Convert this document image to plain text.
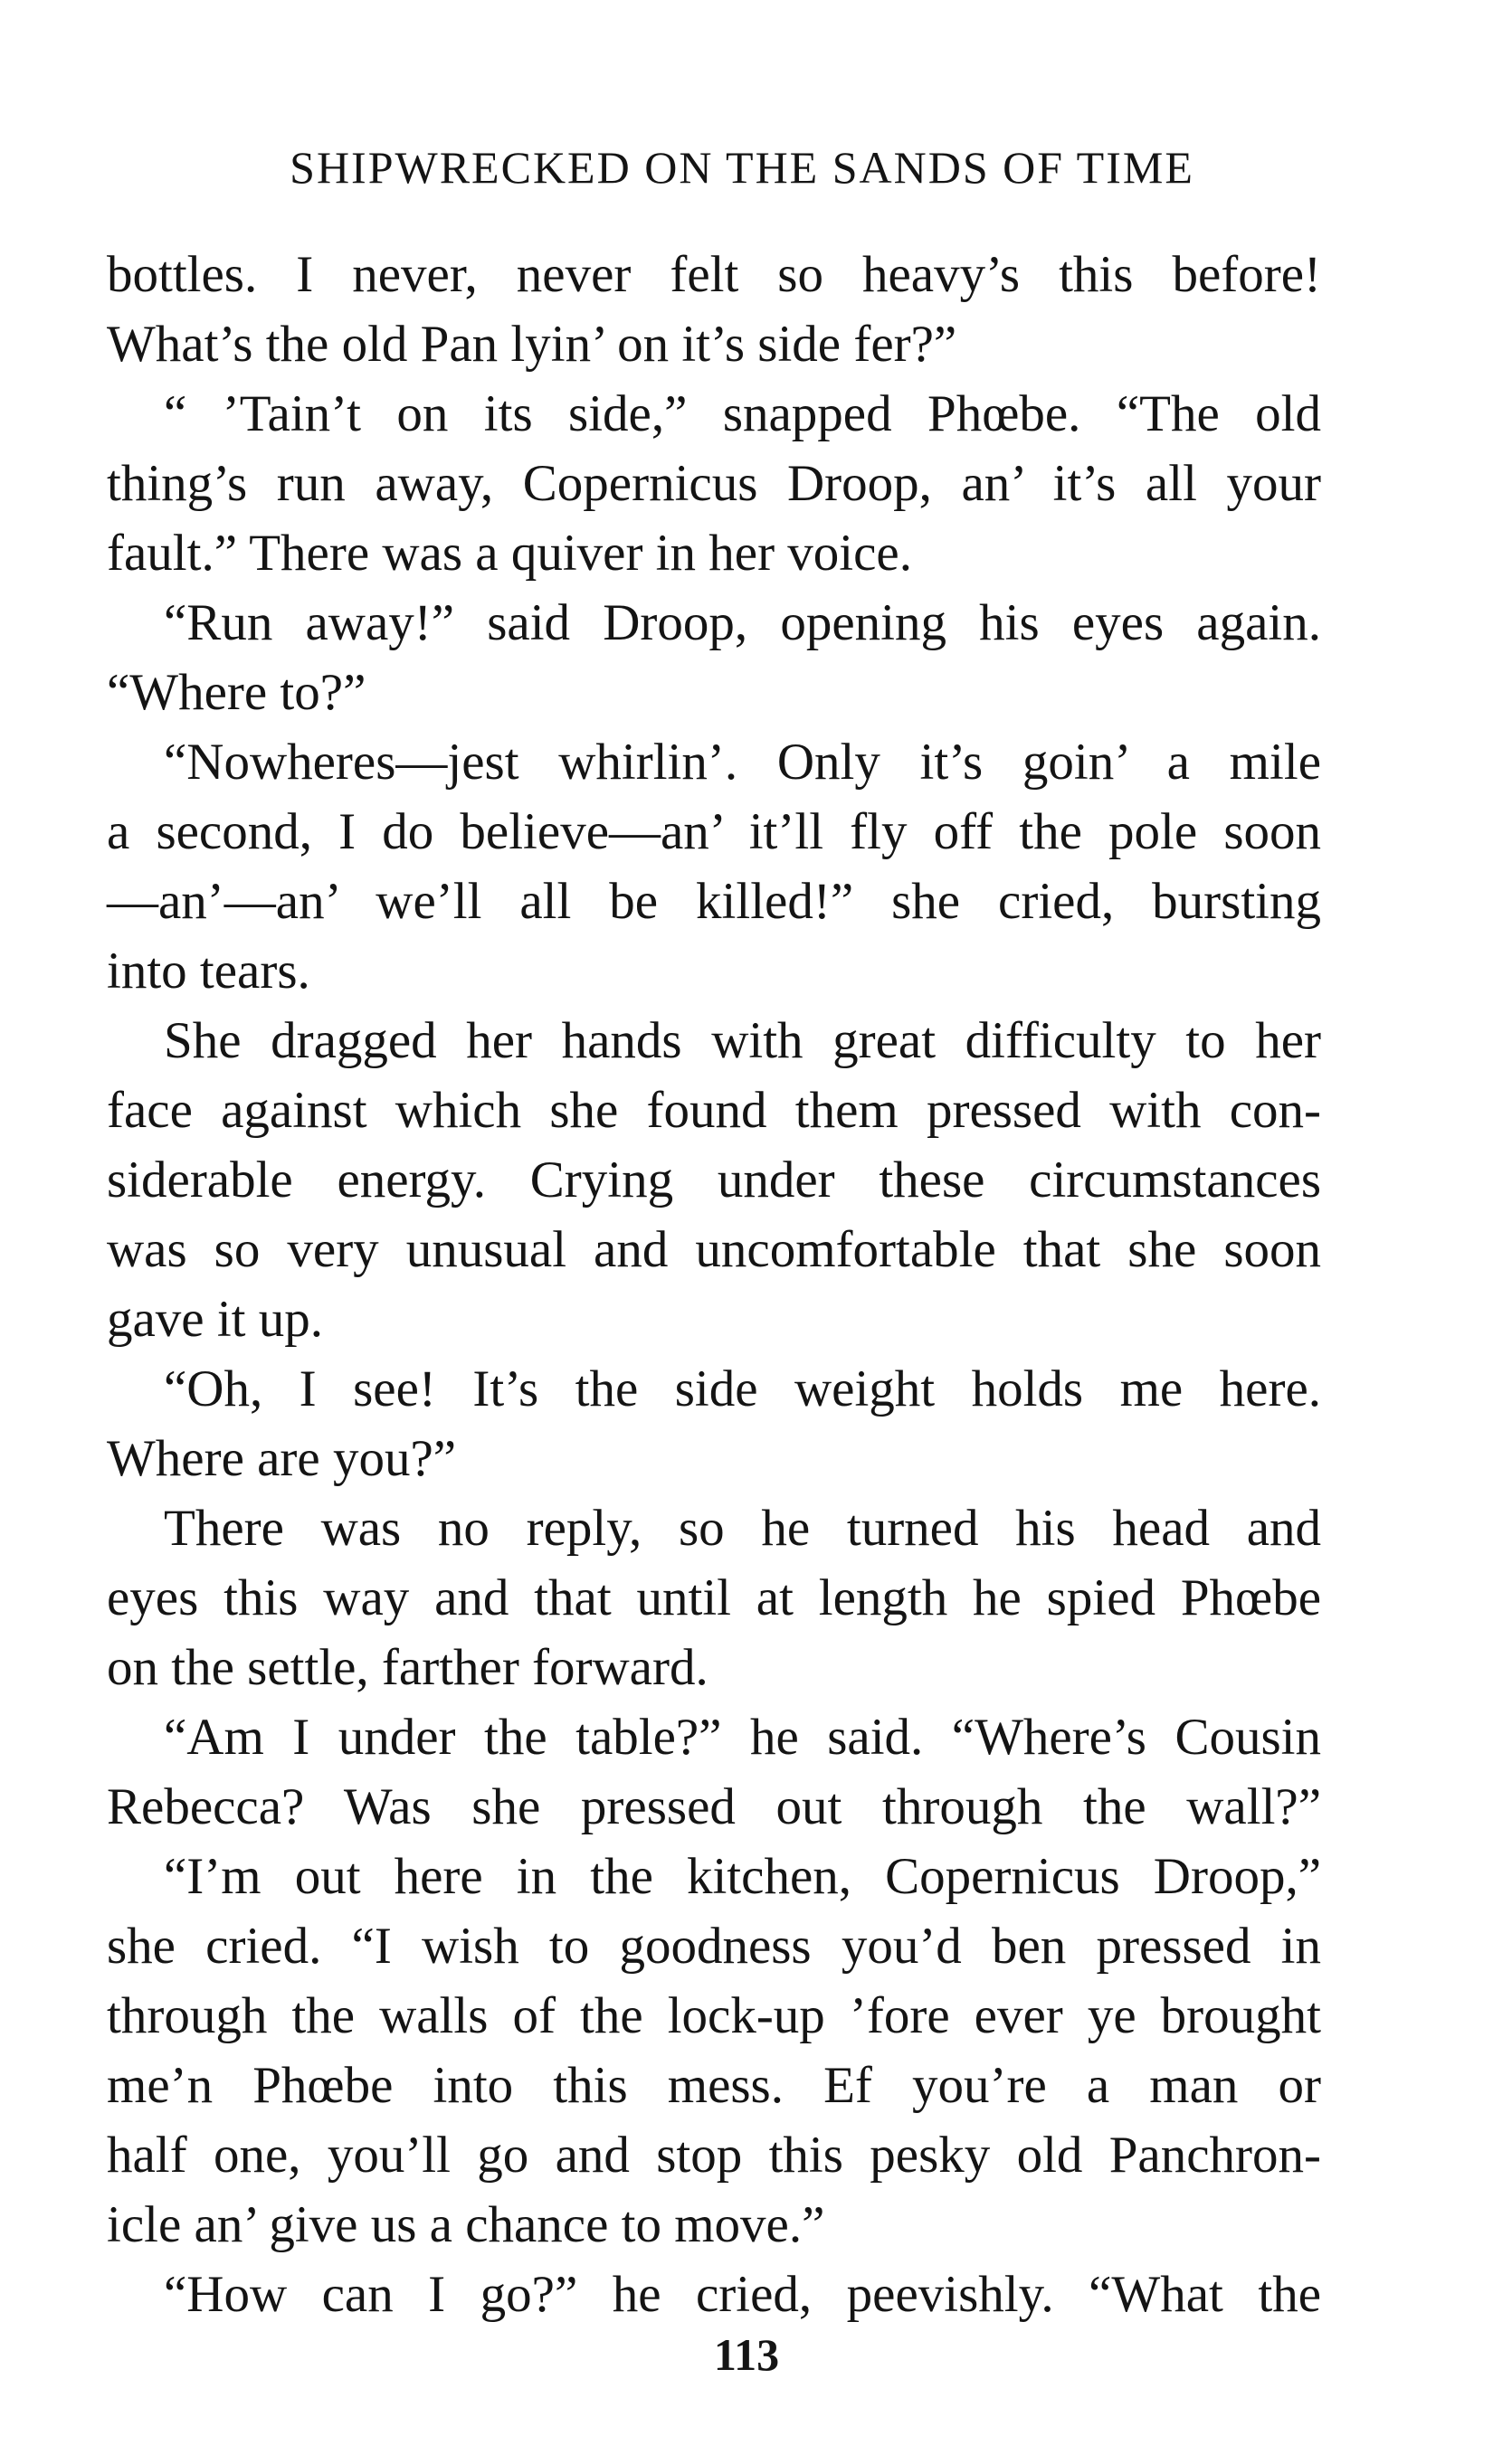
SHIPWRECKED ON THE SANDS OF TIME
bottles. I never, never felt so heavy’s this before!
What’s the old Pan lyin’ on it’s side fer?”
“ ’Tain’t on its side,” snapped Phœbe. “The old
thing’s run away, Copernicus Droop, an’ it’s all your
fault.” There was a quiver in her voice.
“Run away!” said Droop, opening his eyes again.
“Where to?”
“Nowheres—jest whirlin’. Only it’s goin’ a mile
a second, I do believe—an’ it’ll fly off the pole soon
—an’—an’ we’ll all be killed!” she cried, bursting
into tears.
She dragged her hands with great difficulty to her
face against which she found them pressed with con-
siderable energy. Crying under these circumstances
was so very unusual and uncomfortable that she soon
gave it up.
“Oh, I see! It’s the side weight holds me here.
Where are you?”
There was no reply, so he turned his head and
eyes this way and that until at length he spied Phœbe
on the settle, farther forward.
“Am I under the table?” he said. “Where’s Cousin
Rebecca? Was she pressed out through the wall?”
“I’m out here in the kitchen, Copernicus Droop,”
she cried. “I wish to goodness you’d ben pressed in
through the walls of the lock-up ’fore ever ye brought
me’n Phœbe into this mess. Ef you’re a man or
half one, you’ll go and stop this pesky old Panchron-
icle an’ give us a chance to move.”
“How can I go?” he cried, peevishly. “What the
113
